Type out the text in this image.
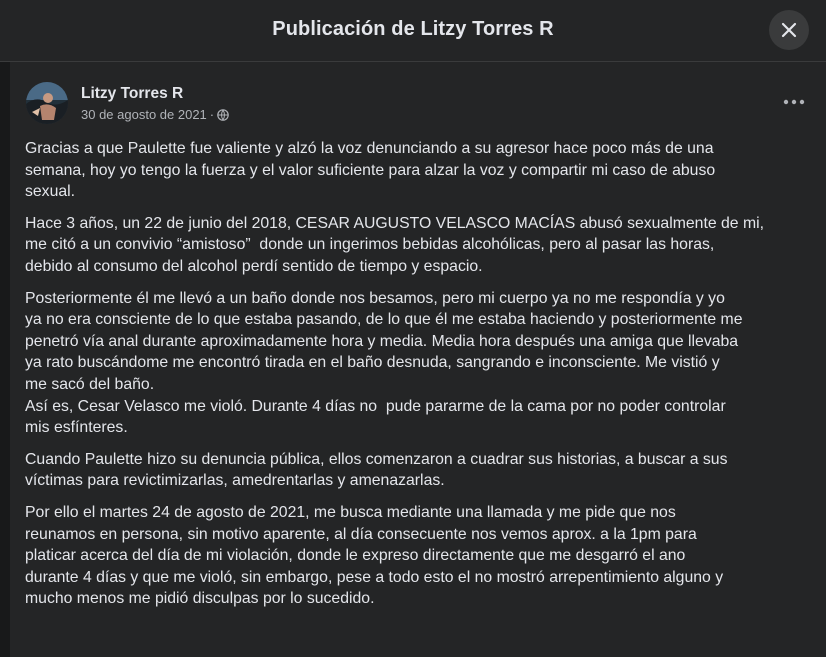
Publicación de Litzy Torres R
Litzy Torres R
30 de agosto de 2021 ·

Gracias a que Paulette fue valiente y alzó la voz denunciando a su agresor hace poco más de una
semana, hoy yo tengo la fuerza y el valor suficiente para alzar la voz y compartir mi caso de abuso
sexual.

Hace 3 años, un 22 de junio del 2018, CESAR AUGUSTO VELASCO MACÍAS abusó sexualmente de mi,
me citó a un convivio “amistoso”  donde un ingerimos bebidas alcohólicas, pero al pasar las horas,
debido al consumo del alcohol perdí sentido de tiempo y espacio.

Posteriormente él me llevó a un baño donde nos besamos, pero mi cuerpo ya no me respondía y yo
ya no era consciente de lo que estaba pasando, de lo que él me estaba haciendo y posteriormente me
penetró vía anal durante aproximadamente hora y media. Media hora después una amiga que llevaba
ya rato buscándome me encontró tirada en el baño desnuda, sangrando e inconsciente. Me vistió y
me sacó del baño.

Así es, Cesar Velasco me violó. Durante 4 días no  pude pararme de la cama por no poder controlar
mis esfínteres.

Cuando Paulette hizo su denuncia pública, ellos comenzaron a cuadrar sus historias, a buscar a sus
víctimas para revictimizarlas, amedrentarlas y amenazarlas.

Por ello el martes 24 de agosto de 2021, me busca mediante una llamada y me pide que nos
reunamos en persona, sin motivo aparente, al día consecuente nos vemos aprox. a la 1pm para
platicar acerca del día de mi violación, donde le expreso directamente que me desgarró el ano
durante 4 días y que me violó, sin embargo, pese a todo esto el no mostró arrepentimiento alguno y
mucho menos me pidió disculpas por lo sucedido.
